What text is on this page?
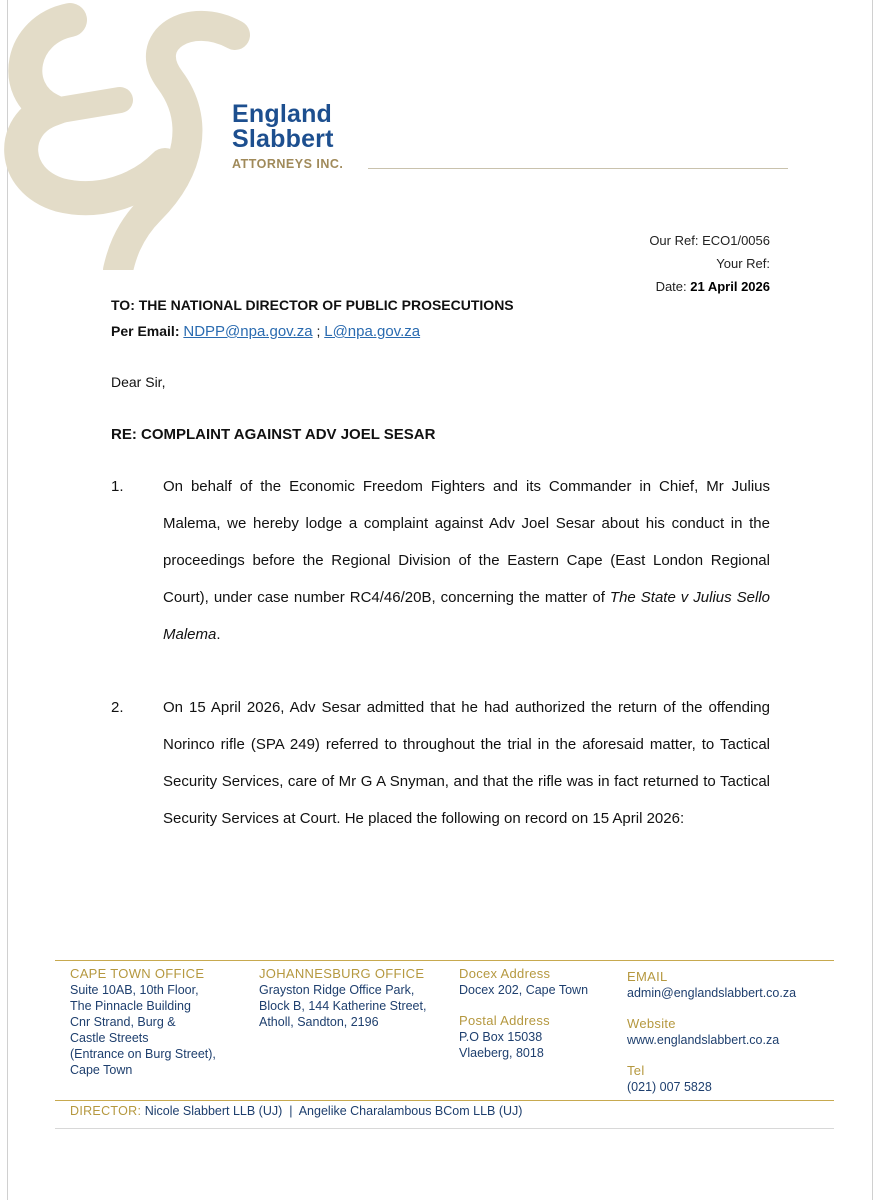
England
Slabbert
ATTORNEYS INC.
Our Ref: ECO1/0056
Your Ref:
Date: 21 April 2026
TO: THE NATIONAL DIRECTOR OF PUBLIC PROSECUTIONS
Per Email: NDPP@npa.gov.za ; L@npa.gov.za
Dear Sir,
RE: COMPLAINT AGAINST ADV JOEL SESAR
1.	On behalf of the Economic Freedom Fighters and its Commander in Chief, Mr Julius Malema, we hereby lodge a complaint against Adv Joel Sesar about his conduct in the proceedings before the Regional Division of the Eastern Cape (East London Regional Court), under case number RC4/46/20B, concerning the matter of The State v Julius Sello Malema.
2.	On 15 April 2026, Adv Sesar admitted that he had authorized the return of the offending Norinco rifle (SPA 249) referred to throughout the trial in the aforesaid matter, to Tactical Security Services, care of Mr G A Snyman, and that the rifle was in fact returned to Tactical Security Services at Court. He placed the following on record on 15 April 2026:
CAPE TOWN OFFICE
Suite 10AB, 10th Floor,
The Pinnacle Building
Cnr Strand, Burg &
Castle Streets
(Entrance on Burg Street),
Cape Town
JOHANNESBURG OFFICE
Grayston Ridge Office Park,
Block B, 144 Katherine Street,
Atholl, Sandton, 2196
Docex Address
Docex 202, Cape Town
Postal Address
P.O Box 15038
Vlaeberg, 8018
EMAIL
admin@englandslabbert.co.za
Website
www.englandslabbert.co.za
Tel
(021) 007 5828
DIRECTOR: Nicole Slabbert LLB (UJ)  |  Angelike Charalambous BCom LLB (UJ)
